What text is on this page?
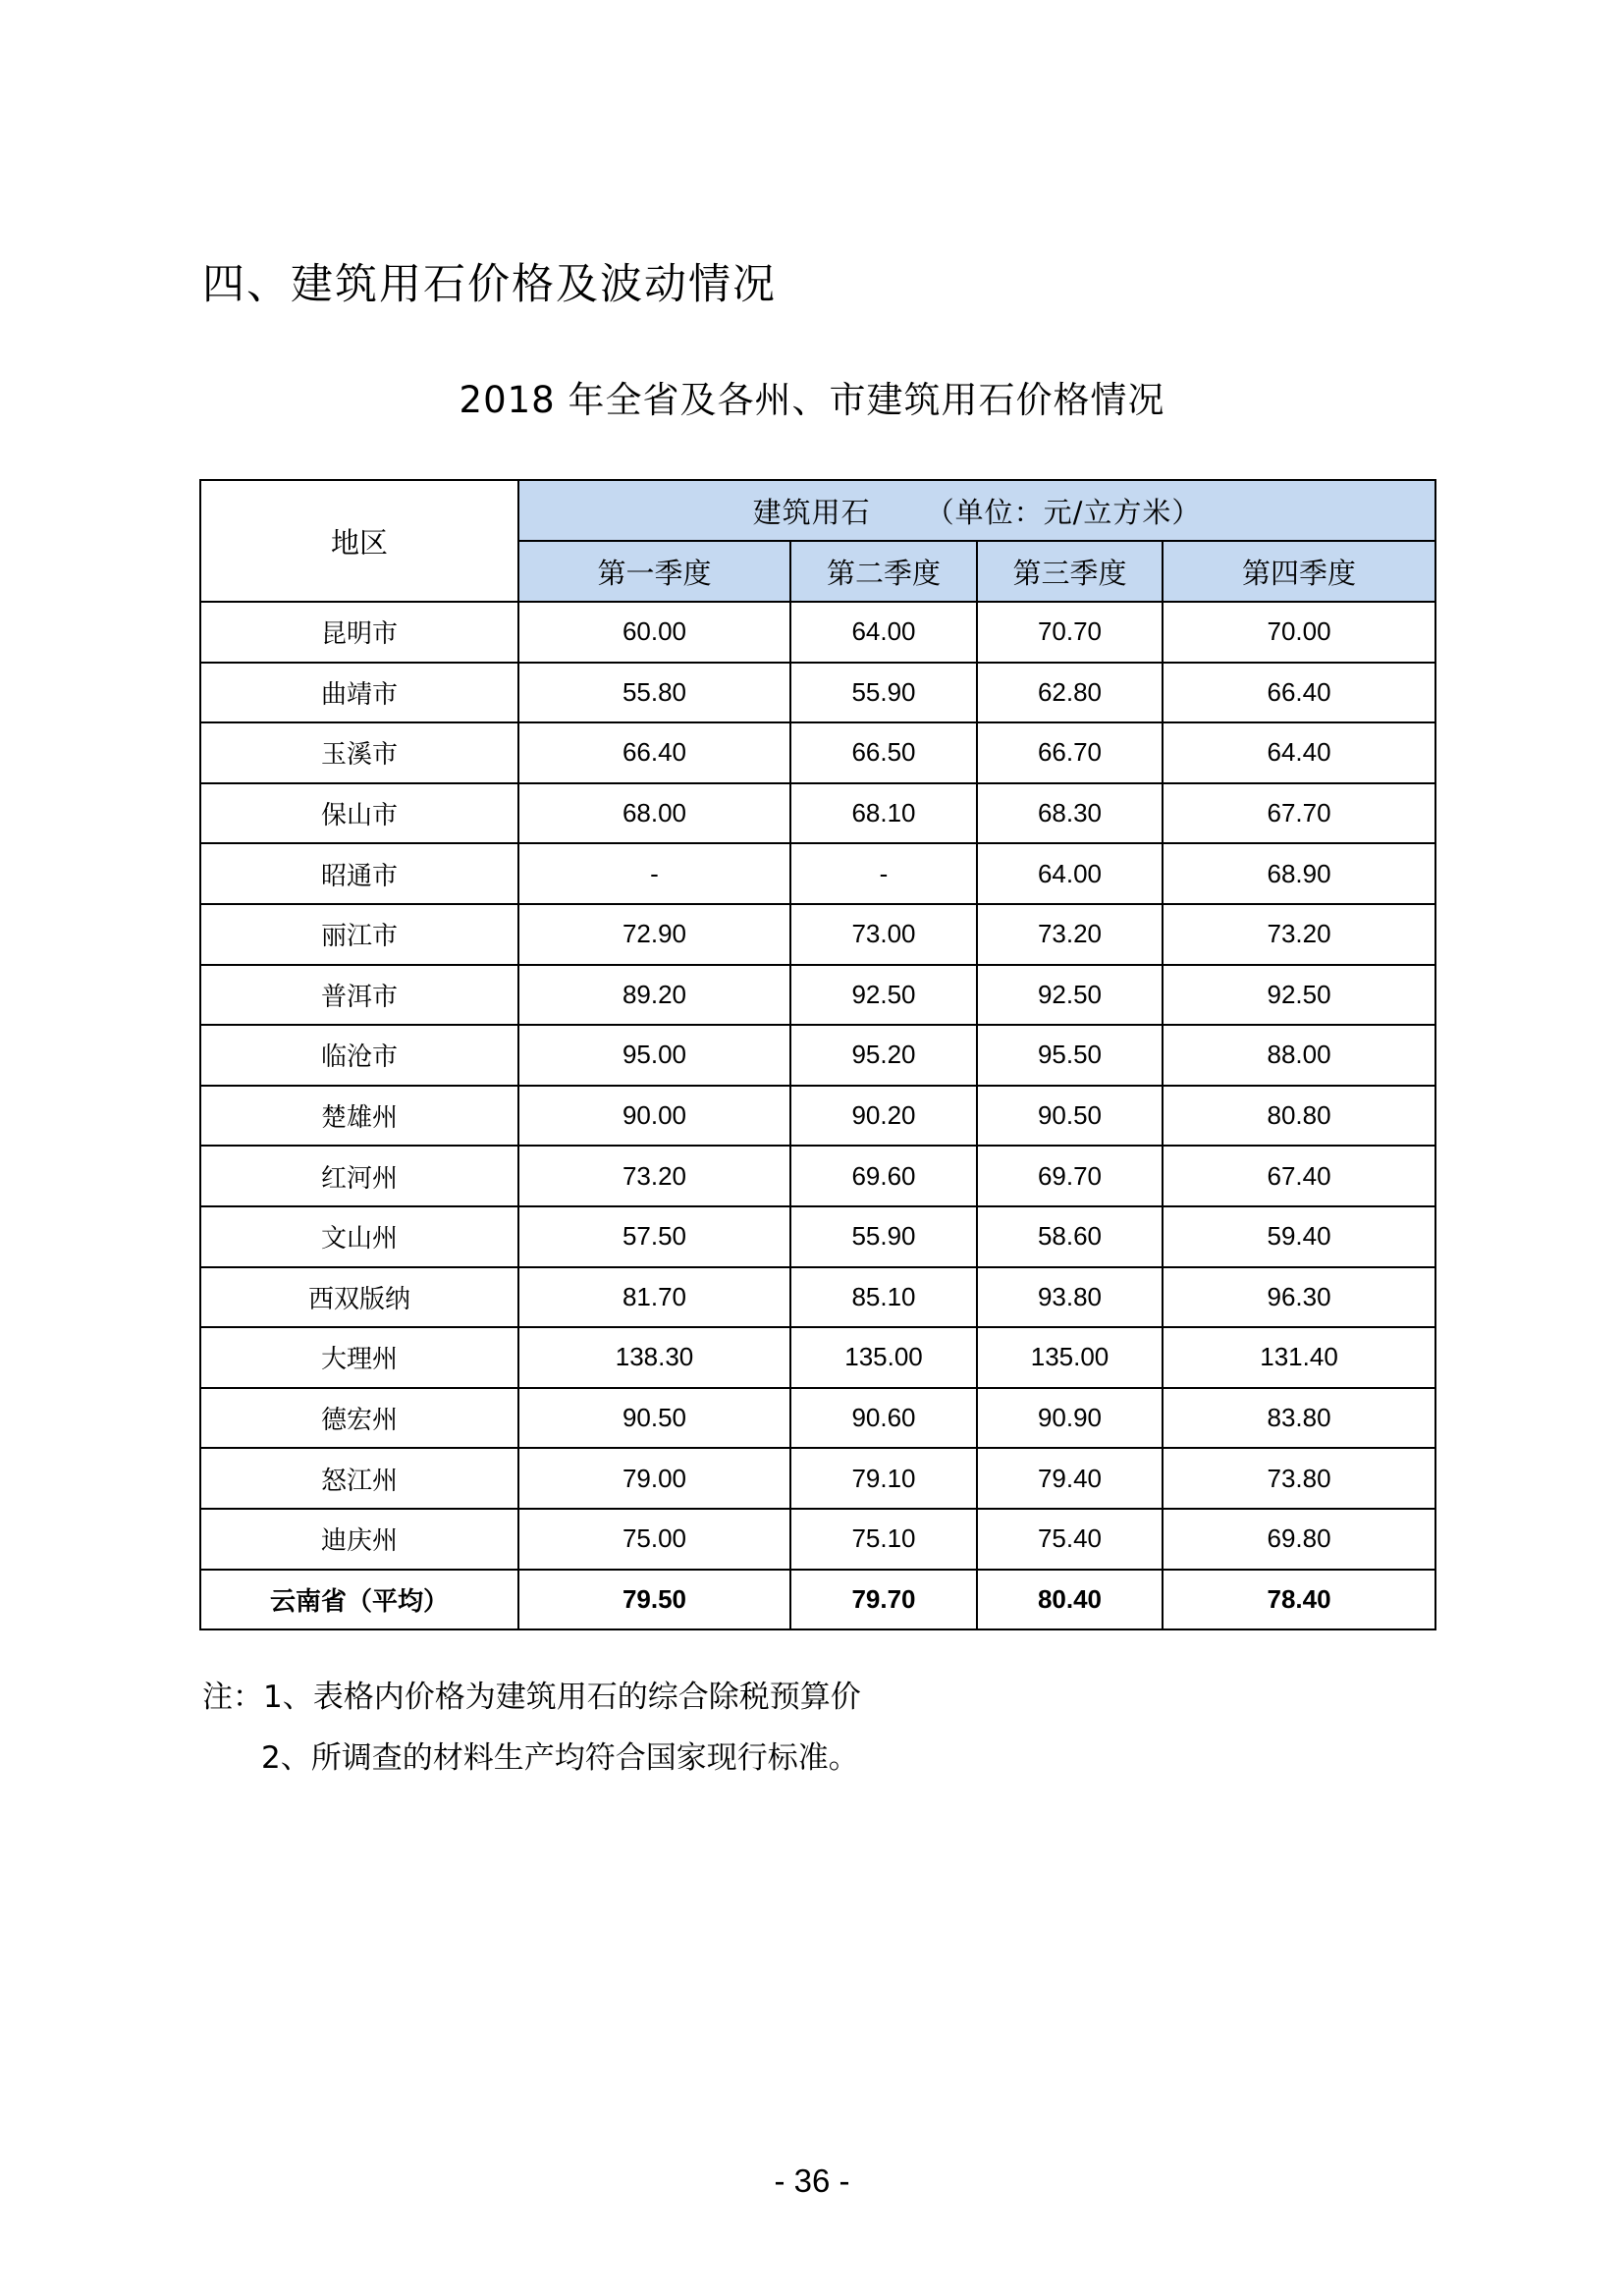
四、建筑用石价格及波动情况
2018 年全省及各州、市建筑用石价格情况
地区	建筑用石 （单位：元/立方米）			
	第一季度	第二季度	第三季度	第四季度
昆明市	60.00	64.00	70.70	70.00
曲靖市	55.80	55.90	62.80	66.40
玉溪市	66.40	66.50	66.70	64.40
保山市	68.00	68.10	68.30	67.70
昭通市	-	-	64.00	68.90
丽江市	72.90	73.00	73.20	73.20
普洱市	89.20	92.50	92.50	92.50
临沧市	95.00	95.20	95.50	88.00
楚雄州	90.00	90.20	90.50	80.80
红河州	73.20	69.60	69.70	67.40
文山州	57.50	55.90	58.60	59.40
西双版纳	81.70	85.10	93.80	96.30
大理州	138.30	135.00	135.00	131.40
德宏州	90.50	90.60	90.90	83.80
怒江州	79.00	79.10	79.40	73.80
迪庆州	75.00	75.10	75.40	69.80
云南省（平均）	79.50	79.70	80.40	78.40
注：1、表格内价格为建筑用石的综合除税预算价
2、所调查的材料生产均符合国家现行标准。
- 36 -
